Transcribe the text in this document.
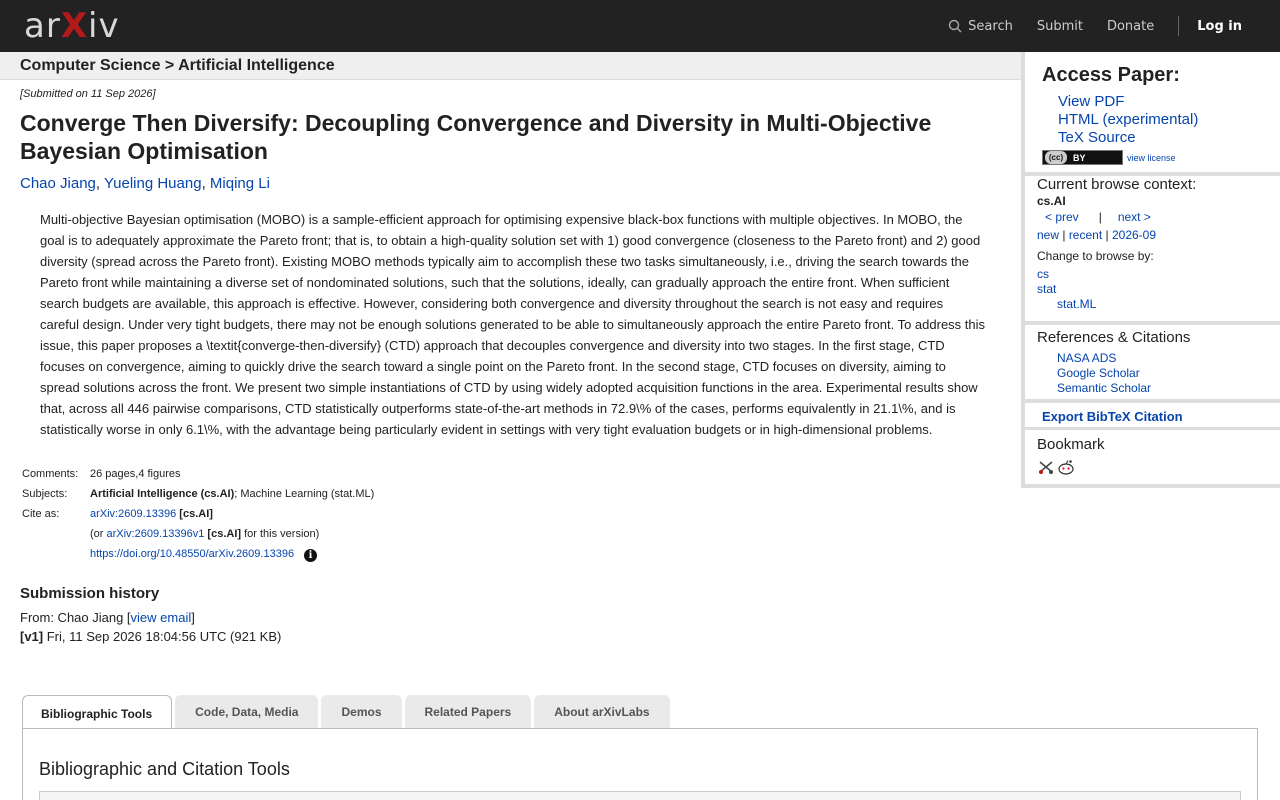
arXiv	Search Submit Donate	Log in
Computer Science > Artificial Intelligence
[Submitted on 11 Sep 2026]
Converge Then Diversify: Decoupling Convergence and Diversity in Multi-Objective Bayesian Optimisation
Chao Jiang, Yueling Huang, Miqing Li
Multi-objective Bayesian optimisation (MOBO) is a sample-efficient approach for optimising expensive black-box functions with multiple objectives. In MOBO, the goal is to adequately approximate the Pareto front; that is, to obtain a high-quality solution set with 1) good convergence (closeness to the Pareto front) and 2) good diversity (spread across the Pareto front). Existing MOBO methods typically aim to accomplish these two tasks simultaneously, i.e., driving the search towards the Pareto front while maintaining a diverse set of nondominated solutions, such that the solutions, ideally, can gradually approach the entire front. When sufficient search budgets are available, this approach is effective. However, considering both convergence and diversity throughout the search is not easy and requires careful design. Under very tight budgets, there may not be enough solutions generated to be able to simultaneously approach the entire Pareto front. To address this issue, this paper proposes a \textit{converge-then-diversify} (CTD) approach that decouples convergence and diversity into two stages. In the first stage, CTD focuses on convergence, aiming to quickly drive the search toward a single point on the Pareto front. In the second stage, CTD focuses on diversity, aiming to spread solutions across the front. We present two simple instantiations of CTD by using widely adopted acquisition functions in the area. Experimental results show that, across all 446 pairwise comparisons, CTD statistically outperforms state-of-the-art methods in 72.9\% of the cases, performs equivalently in 21.1\%, and is statistically worse in only 6.1\%, with the advantage being particularly evident in settings with very tight evaluation budgets or in high-dimensional problems.
Comments:	26 pages,4 figures
Subjects:	Artificial Intelligence (cs.AI); Machine Learning (stat.ML)
Cite as:	arXiv:2609.13396 [cs.AI]
(or arXiv:2609.13396v1 [cs.AI] for this version)
https://doi.org/10.48550/arXiv.2609.13396 i
Submission history
From: Chao Jiang [view email]
[v1] Fri, 11 Sep 2026 18:04:56 UTC (921 KB)
Bibliographic Tools	Code, Data, Media	Demos	Related Papers	About arXivLabs
Bibliographic and Citation Tools
Access Paper:
View PDF
HTML (experimental)
TeX Source
(cc)	BY	view license
Current browse context:
cs.AI
< prev | next >
new | recent | 2026-09
Change to browse by:
cs
stat
stat.ML
References & Citations
NASA ADS
Google Scholar
Semantic Scholar
Export BibTeX Citation
Bookmark
